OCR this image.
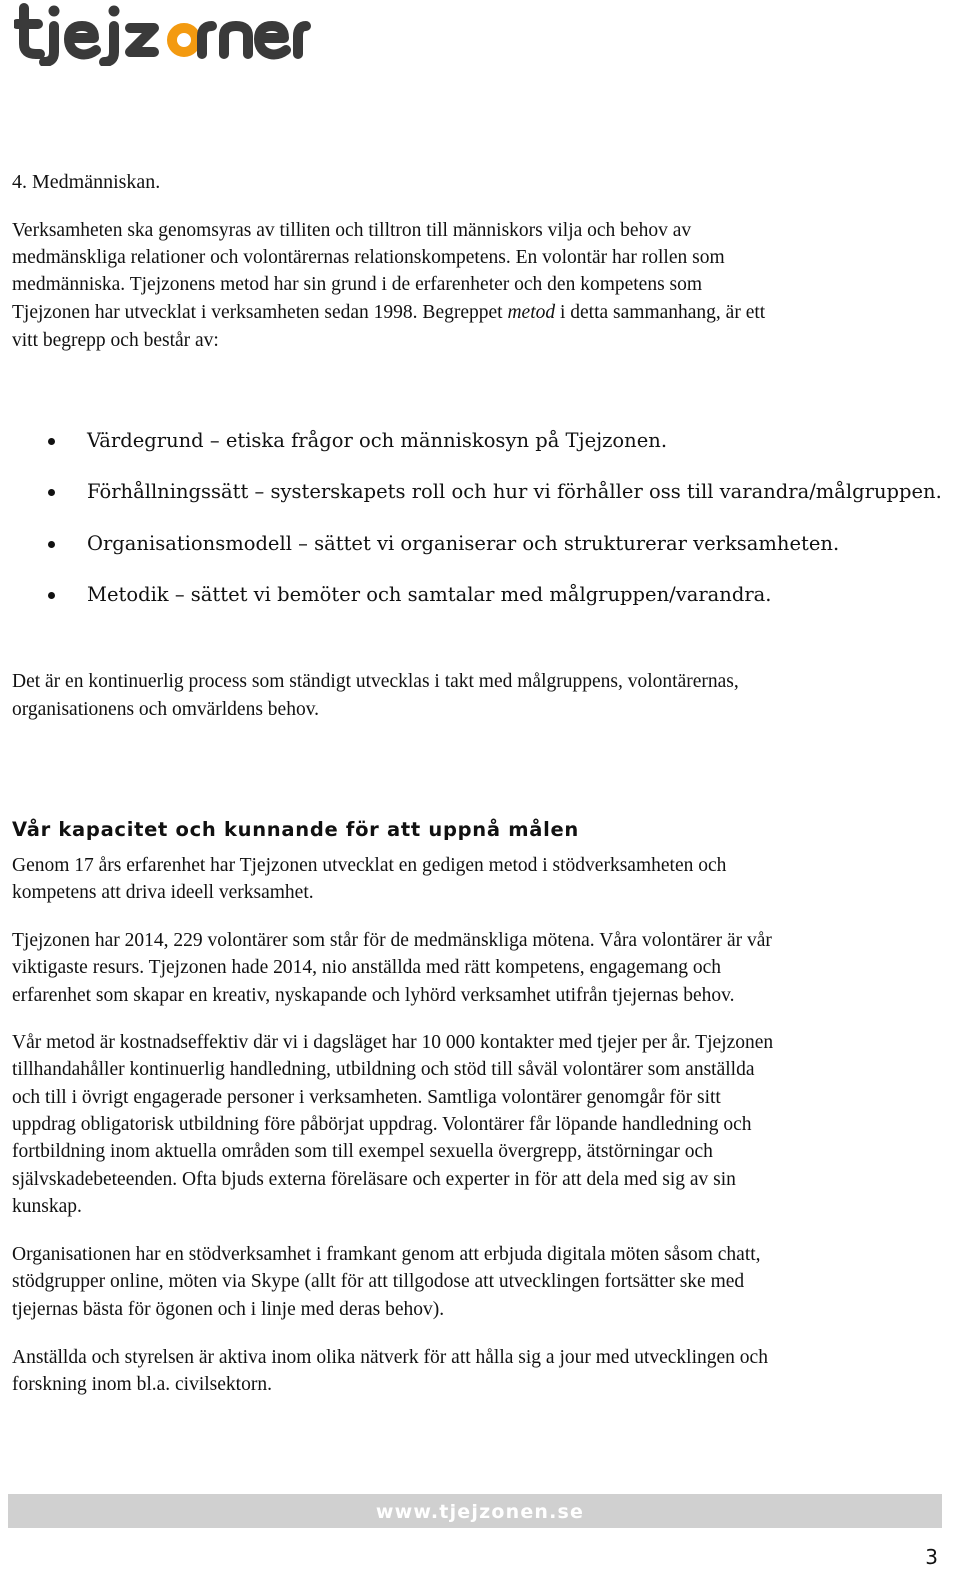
4. Medmänniskan.
Verksamheten ska genomsyras av tilliten och tilltron till människors vilja och behov av
medmänskliga relationer och volontärernas relationskompetens. En volontär har rollen som
medmänniska. Tjejzonens metod har sin grund i de erfarenheter och den kompetens som
Tjejzonen har utvecklat i verksamheten sedan 1998. Begreppet metod i detta sammanhang, är ett
vitt begrepp och består av:
Värdegrund – etiska frågor och människosyn på Tjejzonen.
Förhållningssätt – systerskapets roll och hur vi förhåller oss till varandra/målgruppen.
Organisationsmodell – sättet vi organiserar och strukturerar verksamheten.
Metodik – sättet vi bemöter och samtalar med målgruppen/varandra.
Det är en kontinuerlig process som ständigt utvecklas i takt med målgruppens, volontärernas,
organisationens och omvärldens behov.
Vår kapacitet och kunnande för att uppnå målen
Genom 17 års erfarenhet har Tjejzonen utvecklat en gedigen metod i stödverksamheten och
kompetens att driva ideell verksamhet.
Tjejzonen har 2014, 229 volontärer som står för de medmänskliga mötena. Våra volontärer är vår
viktigaste resurs. Tjejzonen hade 2014, nio anställda med rätt kompetens, engagemang och
erfarenhet som skapar en kreativ, nyskapande och lyhörd verksamhet utifrån tjejernas behov.
Vår metod är kostnadseffektiv där vi i dagsläget har 10 000 kontakter med tjejer per år. Tjejzonen
tillhandahåller kontinuerlig handledning, utbildning och stöd till såväl volontärer som anställda
och till i övrigt engagerade personer i verksamheten. Samtliga volontärer genomgår för sitt
uppdrag obligatorisk utbildning före påbörjat uppdrag. Volontärer får löpande handledning och
fortbildning inom aktuella områden som till exempel sexuella övergrepp, ätstörningar och
självskadebeteenden. Ofta bjuds externa föreläsare och experter in för att dela med sig av sin
kunskap.
Organisationen har en stödverksamhet i framkant genom att erbjuda digitala möten såsom chatt,
stödgrupper online, möten via Skype (allt för att tillgodose att utvecklingen fortsätter ske med
tjejernas bästa för ögonen och i linje med deras behov).
Anställda och styrelsen är aktiva inom olika nätverk för att hålla sig a jour med utvecklingen och
forskning inom bl.a. civilsektorn.
www.tjejzonen.se
3
